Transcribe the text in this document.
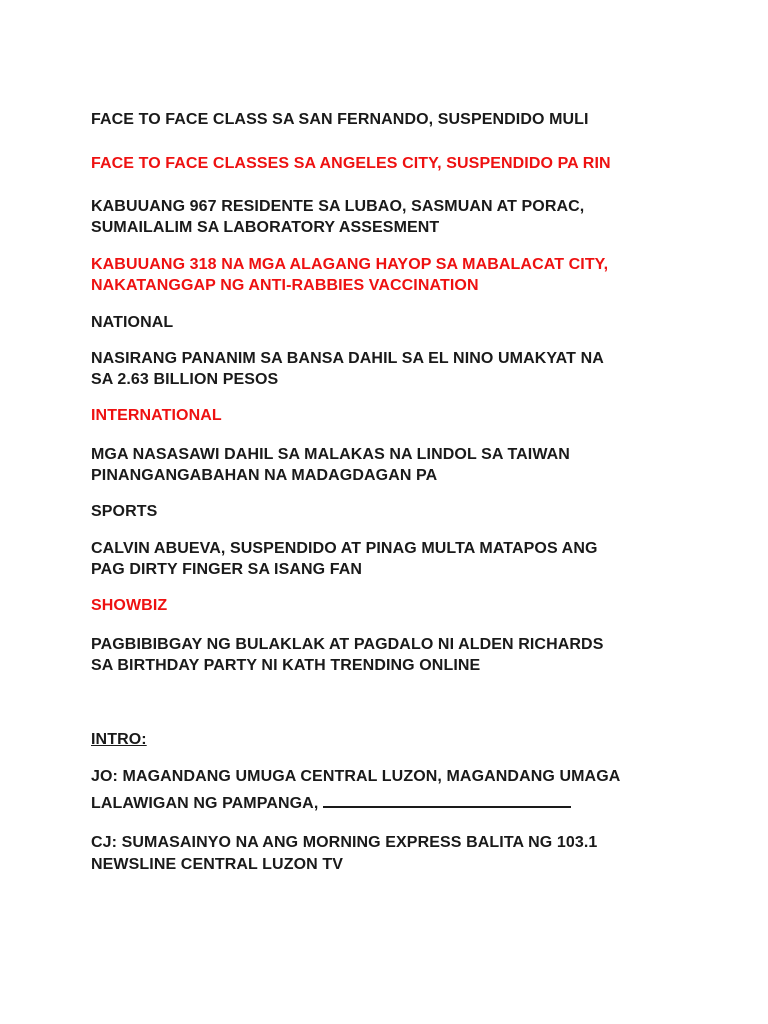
FACE TO FACE CLASS SA SAN FERNANDO, SUSPENDIDO MULI
FACE TO FACE CLASSES SA ANGELES CITY, SUSPENDIDO PA RIN
KABUUANG 967 RESIDENTE SA LUBAO, SASMUAN AT PORAC,
SUMAILALIM SA LABORATORY ASSESMENT
KABUUANG 318 NA MGA ALAGANG HAYOP SA MABALACAT CITY,
NAKATANGGAP NG ANTI-RABBIES VACCINATION
NATIONAL
NASIRANG PANANIM SA BANSA DAHIL SA EL NINO UMAKYAT NA
SA 2.63 BILLION PESOS
INTERNATIONAL
MGA NASASAWI DAHIL SA MALAKAS NA LINDOL SA TAIWAN
PINANGANGABAHAN NA MADAGDAGAN PA
SPORTS
CALVIN ABUEVA, SUSPENDIDO AT PINAG MULTA MATAPOS ANG
PAG DIRTY FINGER SA ISANG FAN
SHOWBIZ
PAGBIBIBGAY NG BULAKLAK AT PAGDALO NI ALDEN RICHARDS
SA BIRTHDAY PARTY NI KATH TRENDING ONLINE
INTRO:
JO: MAGANDANG UMUGA CENTRAL LUZON, MAGANDANG UMAGA
LALAWIGAN NG PAMPANGA,
CJ: SUMASAINYO NA ANG MORNING EXPRESS BALITA NG 103.1
NEWSLINE CENTRAL LUZON TV
